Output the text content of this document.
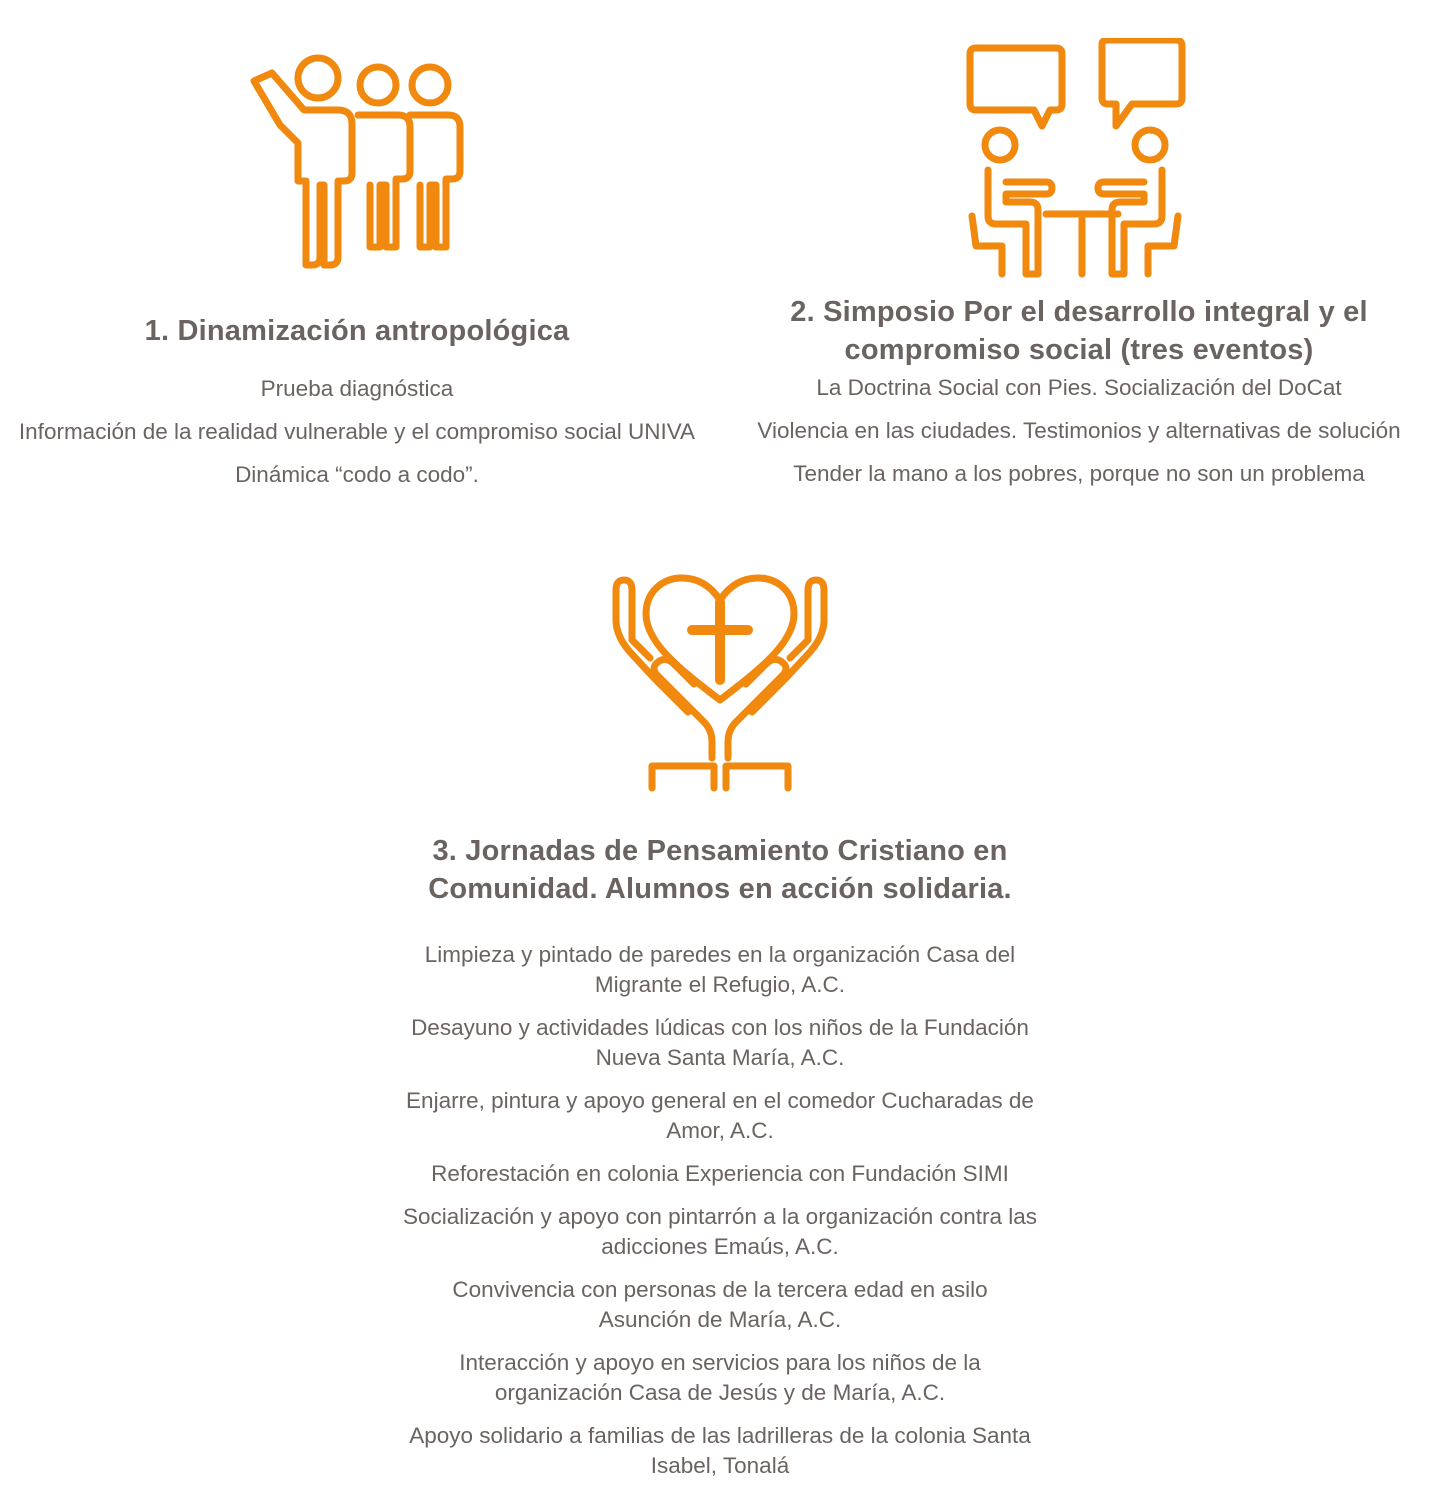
1. Dinamización antropológica
Prueba diagnóstica
Información de la realidad vulnerable y el compromiso social UNIVA
Dinámica “codo a codo”.
2. Simposio Por el desarrollo integral y el compromiso social (tres eventos)
La Doctrina Social con Pies. Socialización del DoCat
Violencia en las ciudades. Testimonios y alternativas de solución
Tender la mano a los pobres, porque no son un problema
3. Jornadas de Pensamiento Cristiano en Comunidad. Alumnos en acción solidaria.
Limpieza y pintado de paredes en la organización Casa del Migrante el Refugio, A.C.
Desayuno y actividades lúdicas con los niños de la Fundación Nueva Santa María, A.C.
Enjarre, pintura y apoyo general en el comedor Cucharadas de Amor, A.C.
Reforestación en colonia Experiencia con Fundación SIMI
Socialización y apoyo con pintarrón a la organización contra las adicciones Emaús, A.C.
Convivencia con personas de la tercera edad en asilo Asunción de María, A.C.
Interacción y apoyo en servicios para los niños de la organización Casa de Jesús y de María, A.C.
Apoyo solidario a familias de las ladrilleras de la colonia Santa Isabel, Tonalá
